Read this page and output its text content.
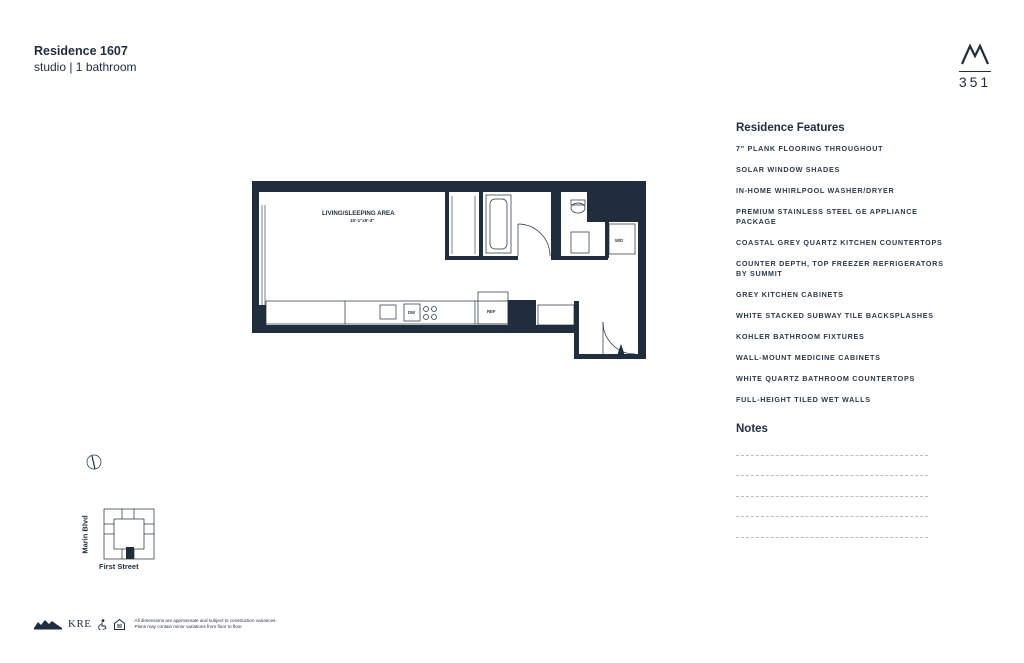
Residence 1607
studio | 1 bathroom
351
DW	REF
W/D
LIVING/SLEEPING AREA
15'-1"x9'-3"
Marin Blvd
First Street
Residence Features
7" PLANK FLOORING THROUGHOUT
SOLAR WINDOW SHADES
IN-HOME WHIRLPOOL WASHER/DRYER
PREMIUM STAINLESS STEEL GE APPLIANCE PACKAGE
COASTAL GREY QUARTZ KITCHEN COUNTERTOPS
COUNTER DEPTH, TOP FREEZER REFRIGERATORS BY SUMMIT
GREY KITCHEN CABINETS
WHITE STACKED SUBWAY TILE BACKSPLASHES
KOHLER BATHROOM FIXTURES
WALL-MOUNT MEDICINE CABINETS
WHITE QUARTZ BATHROOM COUNTERTOPS
FULL-HEIGHT TILED WET WALLS
Notes
KRE	All dimensions are approximate and subject to construction variances.
Plans may contain minor variations from floor to floor.
